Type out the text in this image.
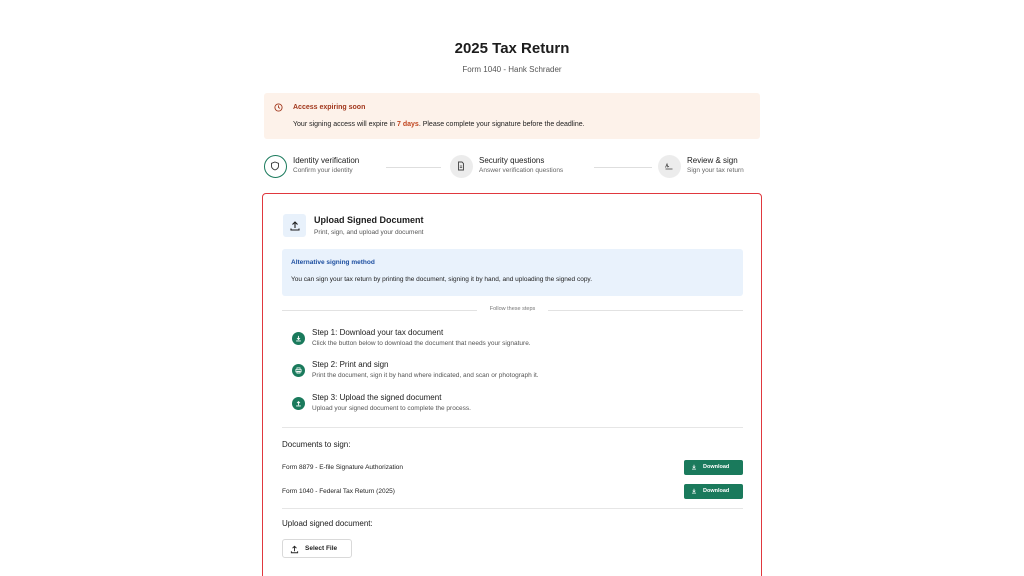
2025 Tax Return
Form 1040 - Hank Schrader
Access expiring soon
Your signing access will expire in 7 days. Please complete your signature before the deadline.
Identity verification
Confirm your identity
Security questions
Answer verification questions
Review & sign
Sign your tax return
Upload Signed Document
Print, sign, and upload your document
Alternative signing method
You can sign your tax return by printing the document, signing it by hand, and uploading the signed copy.
Follow these steps
Step 1: Download your tax document
Click the button below to download the document that needs your signature.
Step 2: Print and sign
Print the document, sign it by hand where indicated, and scan or photograph it.
Step 3: Upload the signed document
Upload your signed document to complete the process.
Documents to sign:
Form 8879 - E-file Signature Authorization	Download
Form 1040 - Federal Tax Return (2025)	Download
Upload signed document:
Select File
